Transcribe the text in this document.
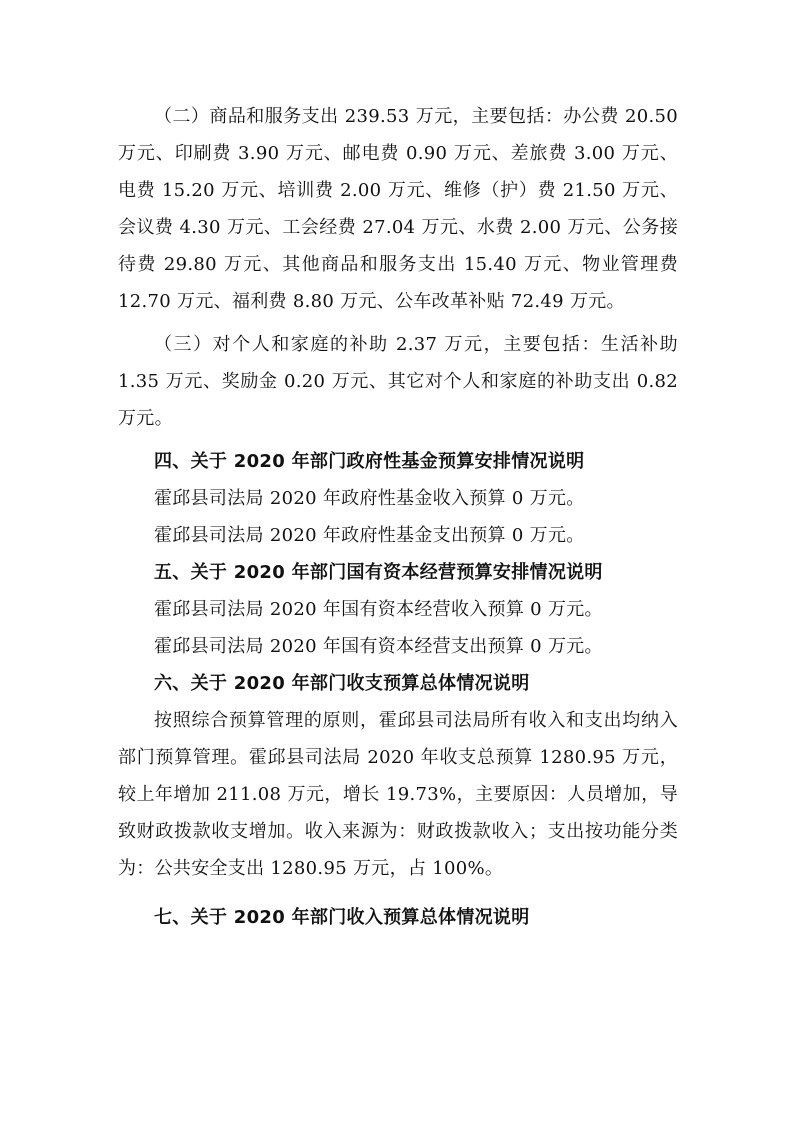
（二）商品和服务支出 239.53 万元，主要包括：办公费 20.50 万元、印刷费 3.90 万元、邮电费 0.90 万元、差旅费 3.00 万元、电费 15.20 万元、培训费 2.00 万元、维修（护）费 21.50 万元、会议费 4.30 万元、工会经费 27.04 万元、水费 2.00 万元、公务接待费 29.80 万元、其他商品和服务支出 15.40 万元、物业管理费 12.70 万元、福利费 8.80 万元、公车改革补贴 72.49 万元。

（三）对个人和家庭的补助 2.37 万元，主要包括：生活补助 1.35 万元、奖励金 0.20 万元、其它对个人和家庭的补助支出 0.82 万元。

四、关于 2020 年部门政府性基金预算安排情况说明

霍邱县司法局 2020 年政府性基金收入预算 0 万元。

霍邱县司法局 2020 年政府性基金支出预算 0 万元。

五、关于 2020 年部门国有资本经营预算安排情况说明

霍邱县司法局 2020 年国有资本经营收入预算 0 万元。

霍邱县司法局 2020 年国有资本经营支出预算 0 万元。

六、关于 2020 年部门收支预算总体情况说明

按照综合预算管理的原则，霍邱县司法局所有收入和支出均纳入部门预算管理。霍邱县司法局 2020 年收支总预算 1280.95 万元，较上年增加 211.08 万元，增长 19.73%，主要原因：人员增加，导致财政拨款收支增加。收入来源为：财政拨款收入；支出按功能分类为：公共安全支出 1280.95 万元，占 100%。

七、关于 2020 年部门收入预算总体情况说明
